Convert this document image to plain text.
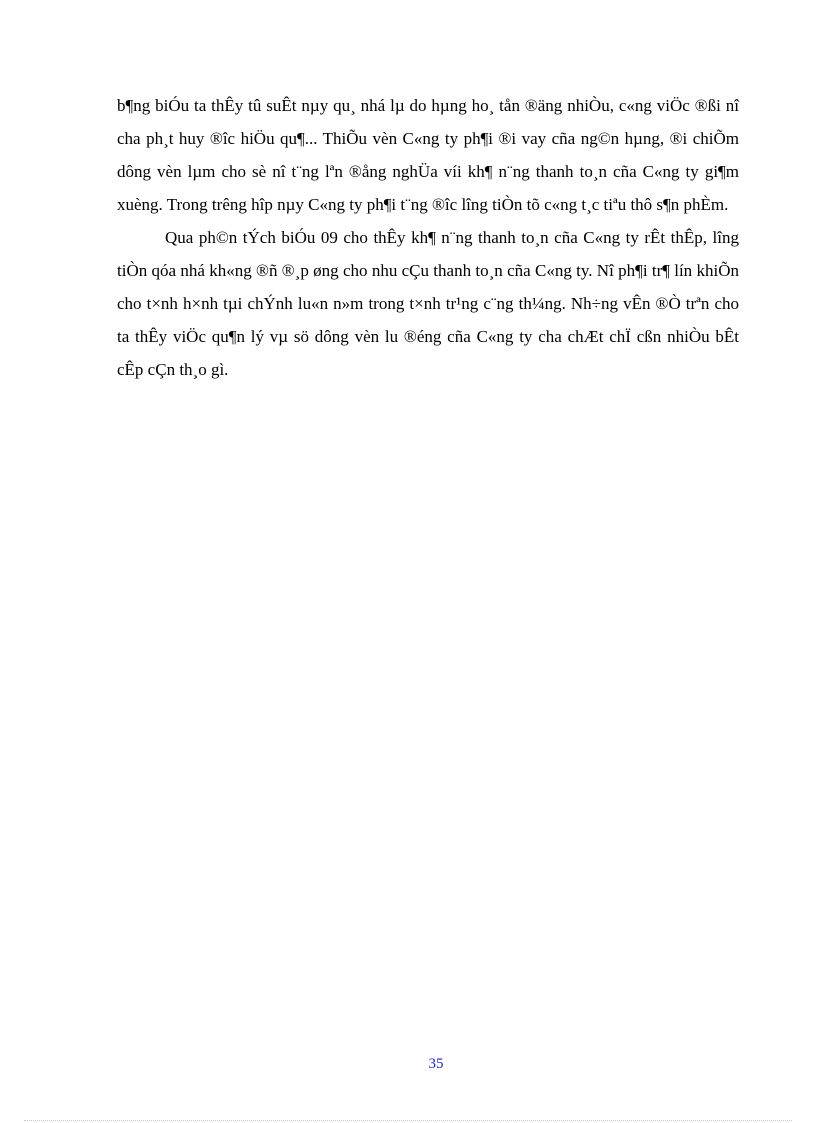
b¶ng biÓu ta thÊy tû suÊt nµy qu¸ nhá lµ do hµng ho¸ tån ®äng nhiÒu, c«ng viÖc ®ßi nî cha ph¸t huy ®îc hiÖu qu¶... ThiÕu vèn C«ng ty ph¶i ®i vay cña ng©n hµng, ®i chiÕm dông vèn lµm cho sè nî t¨ng lªn ®ång nghÜa víi kh¶ n¨ng thanh to¸n cña C«ng ty gi¶m xuèng. Trong trêng hîp nµy C«ng ty ph¶i t¨ng ®îc lîng tiÒn tõ c«ng t¸c tiªu thô s¶n phÈm.

Qua ph©n tÝch biÓu 09 cho thÊy kh¶ n¨ng thanh to¸n cña C«ng ty rÊt thÊp, lîng tiÒn qóa nhá kh«ng ®ñ ®¸p øng cho nhu cÇu thanh to¸n cña C«ng ty. Nî ph¶i tr¶ lín khiÕn cho t×nh h×nh tµi chÝnh lu«n n»m trong t×nh tr¹ng c¨ng th¼ng. Nh÷ng vÊn ®Ò trªn cho ta thÊy viÖc qu¶n lý vµ sö dông vèn lu ®éng cña C«ng ty cha chÆt chÏ cßn nhiÒu bÊt cÊp cÇn th¸o gì.

35
